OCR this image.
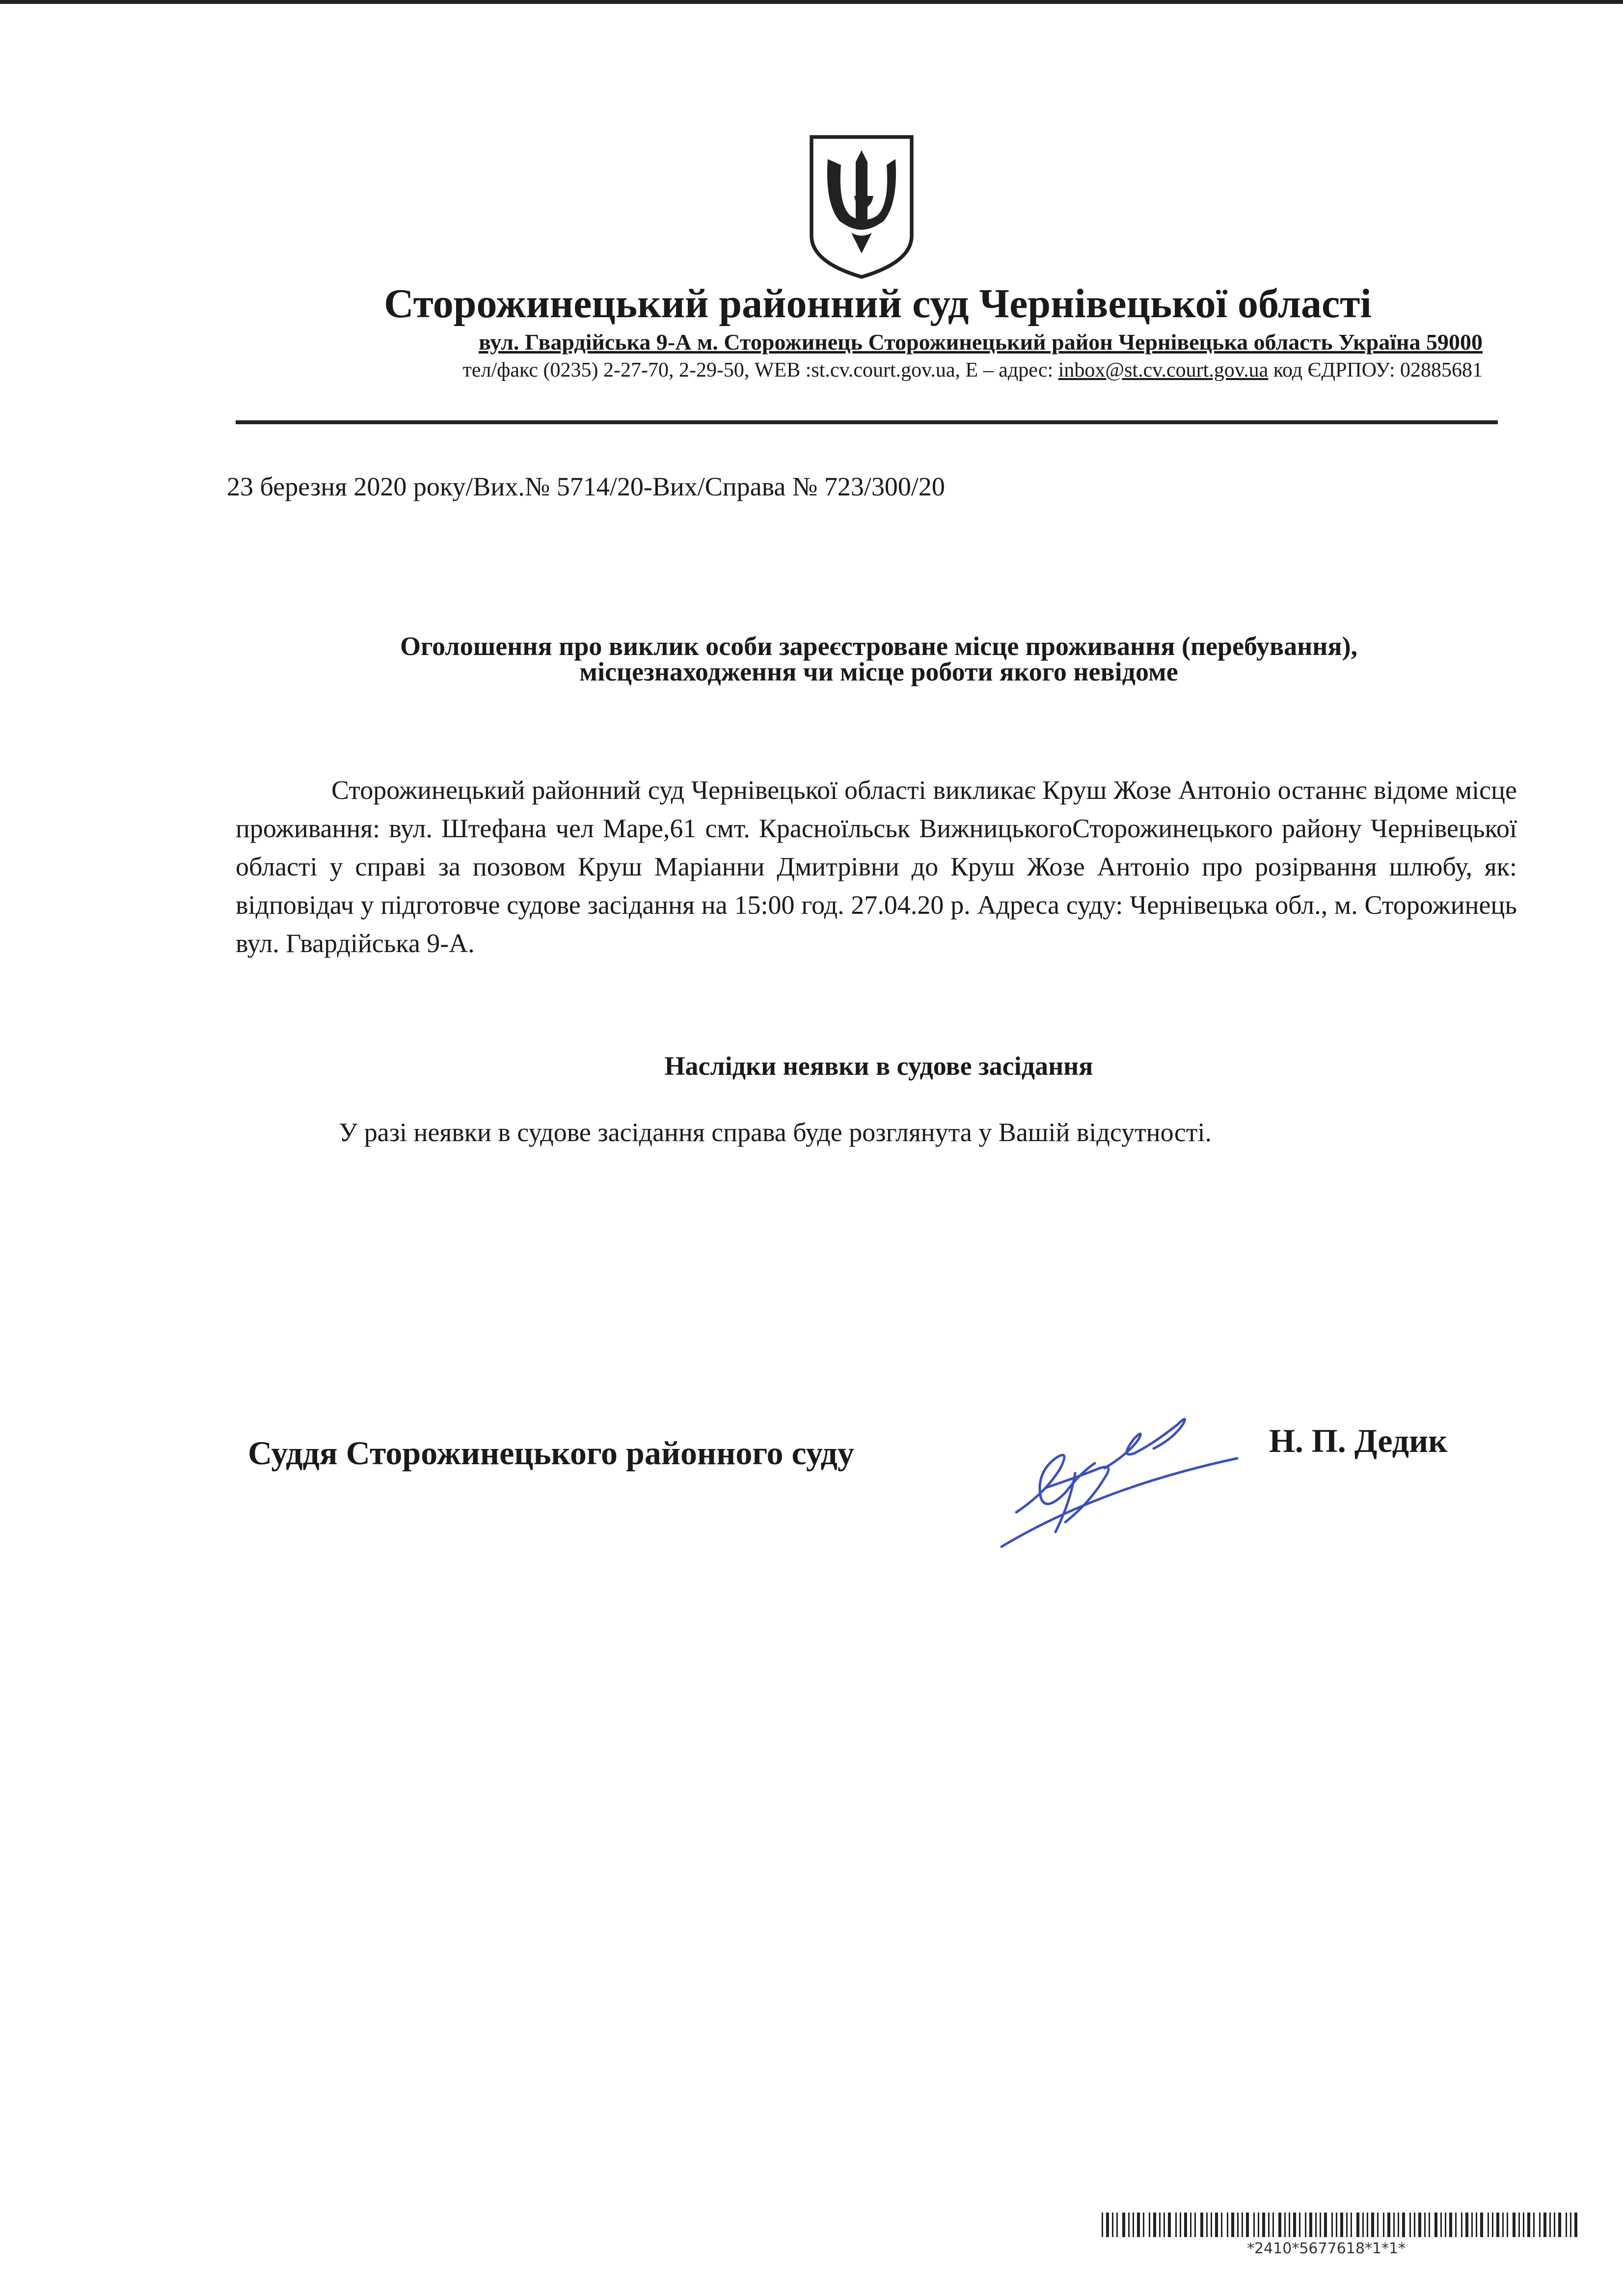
Сторожинецький районний суд Чернівецької області
вул. Гвардійська 9-А м. Сторожинець Сторожинецький район Чернівецька область Україна 59000
тел/факс (0235) 2-27-70, 2-29-50, WEB :st.cv.court.gov.ua, E – адрес: inbox@st.cv.court.gov.ua код ЄДРПОУ: 02885681
23 березня 2020 року/Вих.№ 5714/20-Вих/Справа № 723/300/20
Оголошення про виклик особи зареєстроване місце проживання (перебування),
місцезнаходження чи місце роботи якого невідоме
Сторожинецький районний суд Чернівецької області викликає Круш Жозе Антоніо останнє відоме місце проживання: вул. Штефана чел Маре,61 смт. Красноїльськ ВижницькогоСторожинецького району Чернівецької області у справі за позовом Круш Маріанни Дмитрівни до Круш Жозе Антоніо про розірвання шлюбу, як: відповідач у підготовче судове засідання на 15:00 год. 27.04.20 р. Адреса суду: Чернівецька обл., м. Сторожинець вул. Гвардійська 9-А.
Наслідки неявки в судове засідання
У разі неявки в судове засідання справа буде розглянута у Вашій відсутності.
Суддя Сторожинецького районного суду	Н. П. Дедик
*2410*5677618*1*1*
